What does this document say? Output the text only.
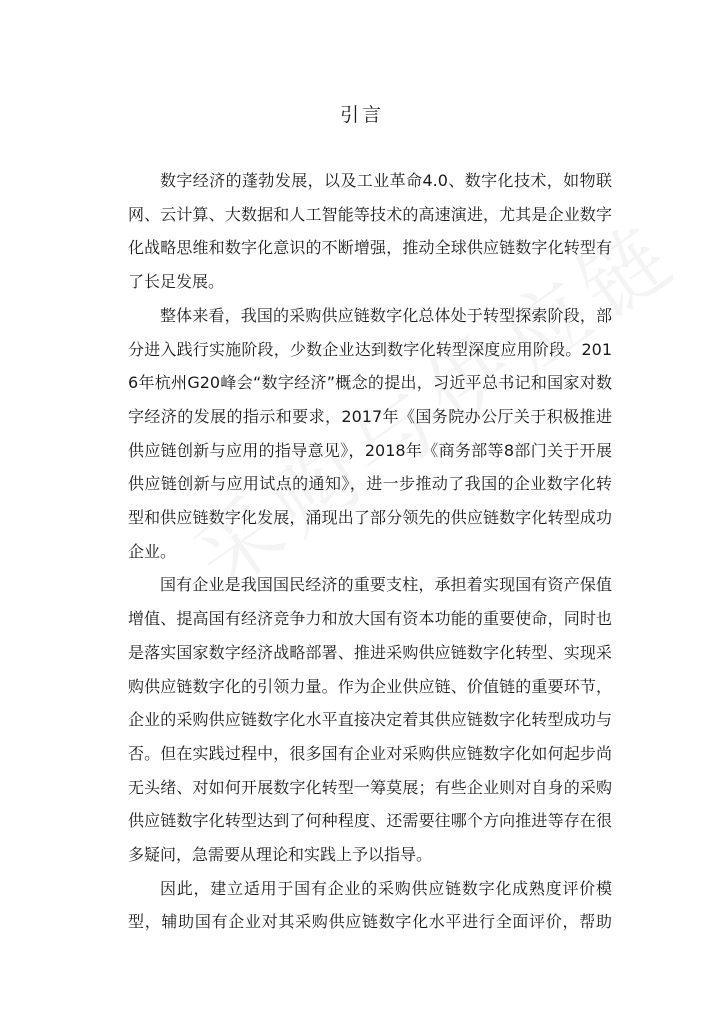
引言

数字经济的蓬勃发展，以及工业革命4.0、数字化技术，如物联网、云计算、大数据和人工智能等技术的高速演进，尤其是企业数字化战略思维和数字化意识的不断增强，推动全球供应链数字化转型有了长足发展。

整体来看，我国的采购供应链数字化总体处于转型探索阶段，部分进入践行实施阶段，少数企业达到数字化转型深度应用阶段。2016年杭州G20峰会“数字经济”概念的提出，习近平总书记和国家对数字经济的发展的指示和要求，2017年《国务院办公厅关于积极推进供应链创新与应用的指导意见》，2018年《商务部等8部门关于开展供应链创新与应用试点的通知》，进一步推动了我国的企业数字化转型和供应链数字化发展，涌现出了部分领先的供应链数字化转型成功企业。

国有企业是我国国民经济的重要支柱，承担着实现国有资产保值增值、提高国有经济竞争力和放大国有资本功能的重要使命，同时也是落实国家数字经济战略部署、推进采购供应链数字化转型、实现采购供应链数字化的引领力量。作为企业供应链、价值链的重要环节，企业的采购供应链数字化水平直接决定着其供应链数字化转型成功与否。但在实践过程中，很多国有企业对采购供应链数字化如何起步尚无头绪、对如何开展数字化转型一筹莫展；有些企业则对自身的采购供应链数字化转型达到了何种程度、还需要往哪个方向推进等存在很多疑问，急需要从理论和实践上予以指导。

因此，建立适用于国有企业的采购供应链数字化成熟度评价模型，辅助国有企业对其采购供应链数字化水平进行全面评价，帮助
